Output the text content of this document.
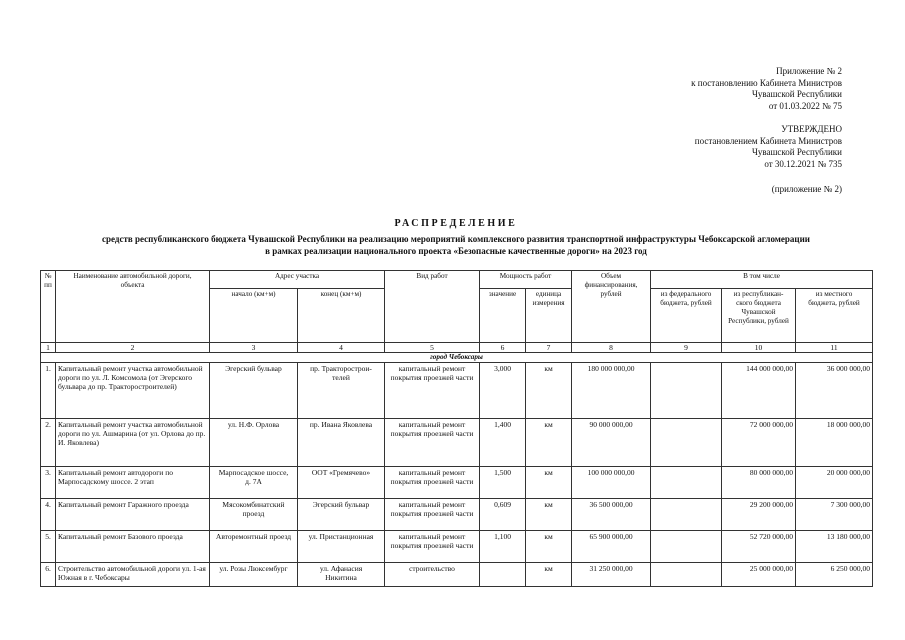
Приложение № 2
к постановлению Кабинета Министров
Чувашской Республики
от 01.03.2022 № 75
УТВЕРЖДЕНО
постановлением Кабинета Министров
Чувашской Республики
от 30.12.2021 № 735
(приложение № 2)
РАСПРЕДЕЛЕНИЕ
средств республиканского бюджета Чувашской Республики на реализацию мероприятий комплексного развития транспортной инфраструктуры Чебоксарской агломерации
в рамках реализации национального проекта «Безопасные качественные дороги» на 2023 год
№
пп	Наименование автомобильной дороги,
объекта	Адрес участка		Вид работ	Мощность работ		Объем
финансирования,
рублей	В том числе		
		начало (км+м)	конец (км+м)		значение	единица
измерения		из федерального
бюджета, рублей	из республикан-
ского бюджета
Чувашской
Республики, рублей	из местного
бюджета, рублей
1	2	3	4	5	6	7	8	9	10	11
город Чебоксары										
1.	Капитальный ремонт участка автомобильной дороги по ул. Л. Комсомола (от Эгерского бульвара до пр. Тракторостроителей)	Эгерский бульвар	пр. Тракторострои-
телей	капитальный ремонт покрытия проезжей части	3,000	км	180 000 000,00		144 000 000,00	36 000 000,00
2.	Капитальный ремонт участка автомобильной дороги по ул. Ашмарина (от ул. Орлова до пр. И. Яковлева)	ул. Н.Ф. Орлова	пр. Ивана Яковлева	капитальный ремонт покрытия проезжей части	1,400	км	90 000 000,00		72 000 000,00	18 000 000,00
3.	Капитальный ремонт автодороги по Марпосадскому шоссе. 2 этап	Марпосадское шоссе,
д. 7А	ООТ «Гремячево»	капитальный ремонт покрытия проезжей части	1,500	км	100 000 000,00		80 000 000,00	20 000 000,00
4.	Капитальный ремонт Гаражного проезда	Мясокомбинатский
проезд	Эгерский бульвар	капитальный ремонт покрытия проезжей части	0,609	км	36 500 000,00		29 200 000,00	7 300 000,00
5.	Капитальный ремонт Базового проезда	Авторемонтный проезд	ул. Пристанционная	капитальный ремонт покрытия проезжей части	1,100	км	65 900 000,00		52 720 000,00	13 180 000,00
6.	Строительство автомобильной дороги ул. 1-ая Южная в г. Чебоксары	ул. Розы Люксембург	ул. Афанасия
Никитина	строительство		км	31 250 000,00		25 000 000,00	6 250 000,00
